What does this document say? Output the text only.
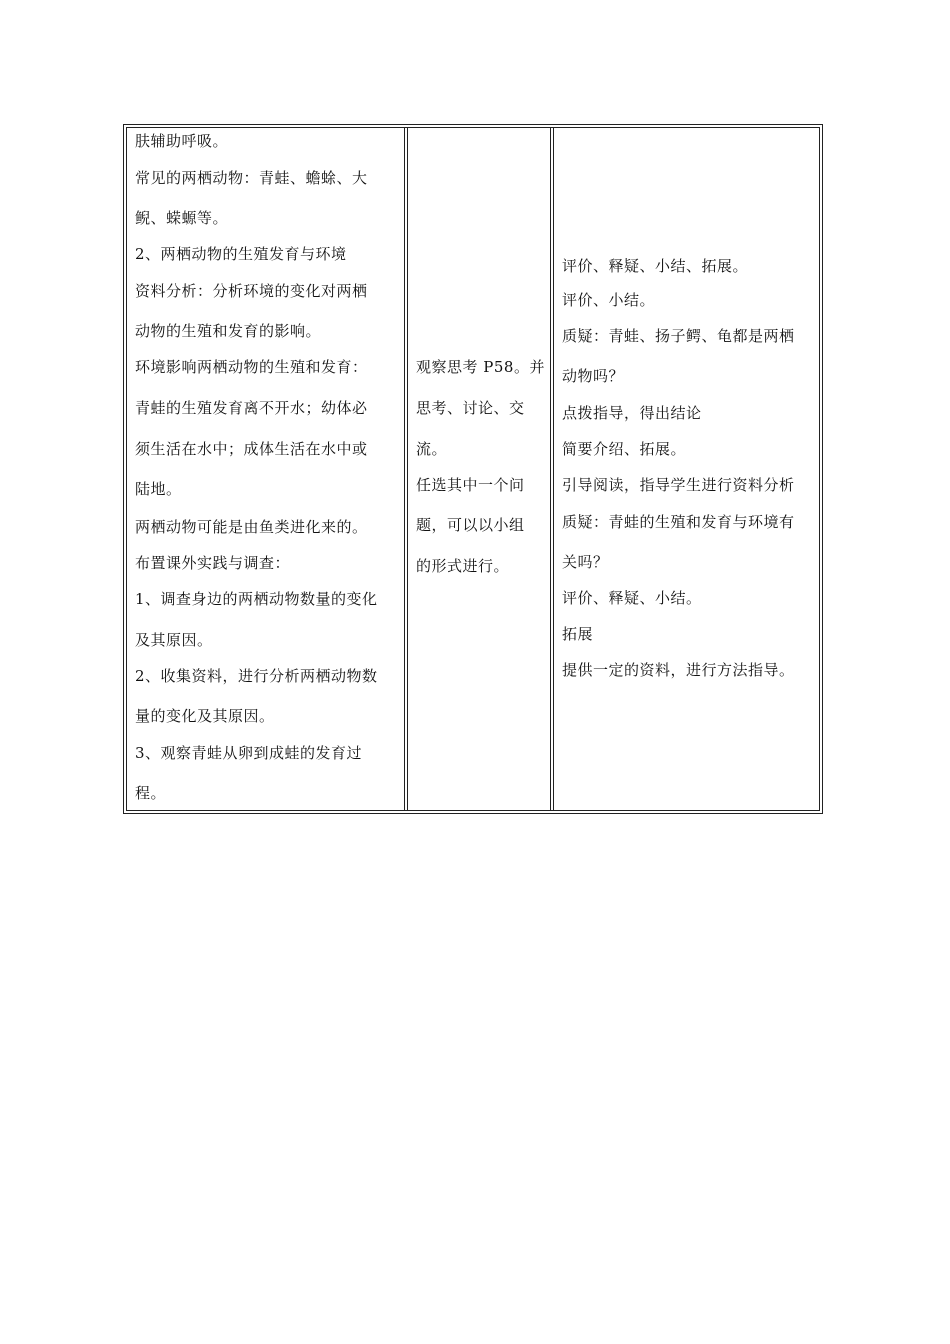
肤辅助呼吸。
常见的两栖动物：青蛙、蟾蜍、大
鲵、蝾螈等。
2、两栖动物的生殖发育与环境
资料分析：分析环境的变化对两栖
动物的生殖和发育的影响。
环境影响两栖动物的生殖和发育：
青蛙的生殖发育离不开水；幼体必
须生活在水中；成体生活在水中或
陆地。
两栖动物可能是由鱼类进化来的。
布置课外实践与调查：
1、调查身边的两栖动物数量的变化
及其原因。
2、收集资料，进行分析两栖动物数
量的变化及其原因。
3、观察青蛙从卵到成蛙的发育过
程。
观察思考 P58。并
思考、讨论、交
流。
任选其中一个问
题，可以以小组
的形式进行。
评价、释疑、小结、拓展。
评价、小结。
质疑：青蛙、扬子鳄、龟都是两栖
动物吗？
点拨指导，得出结论
简要介绍、拓展。
引导阅读，指导学生进行资料分析
质疑：青蛙的生殖和发育与环境有
关吗？
评价、释疑、小结。
拓展
提供一定的资料，进行方法指导。
